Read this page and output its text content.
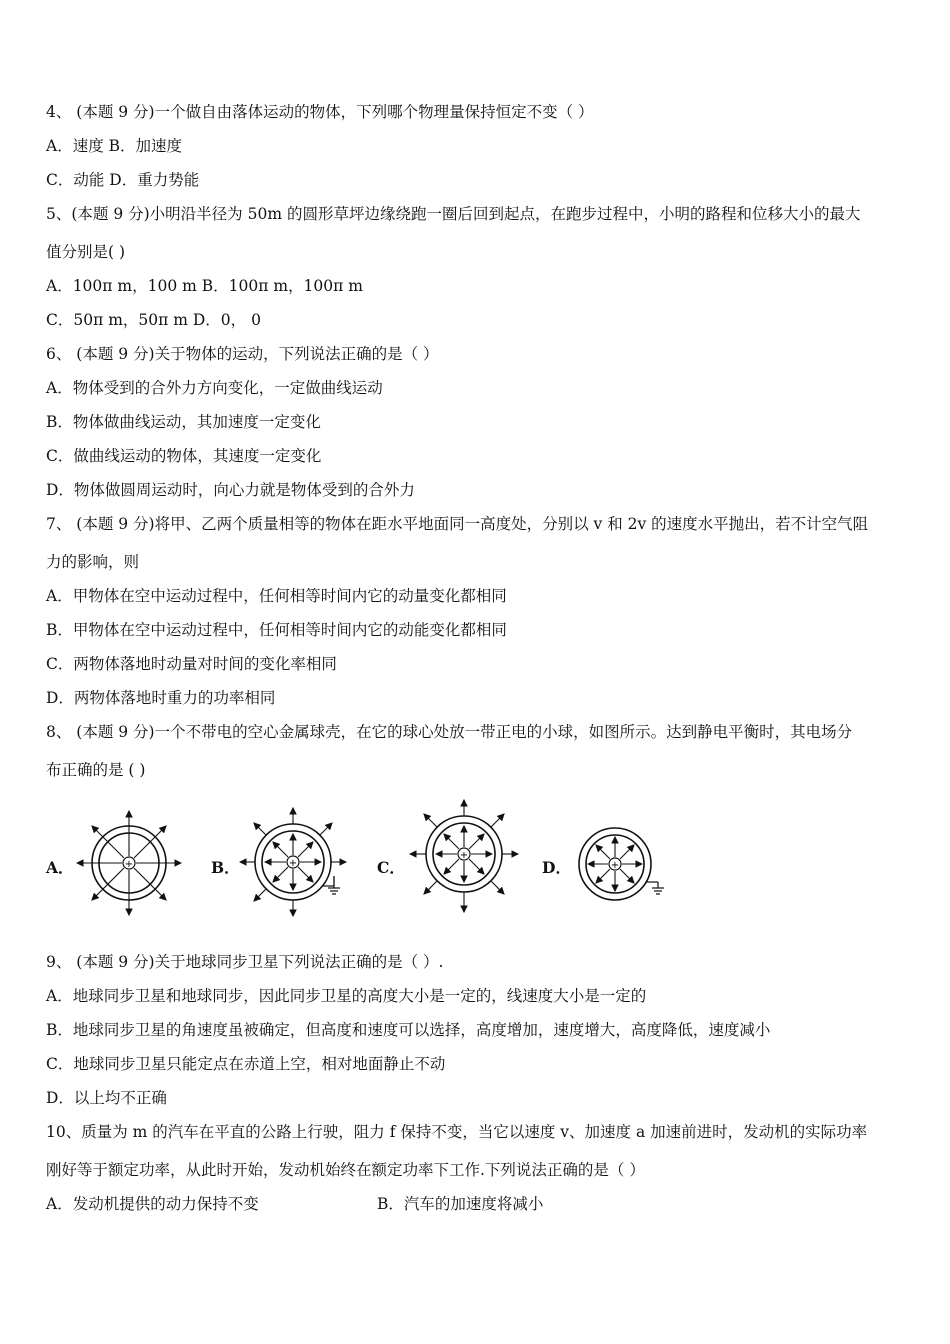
4、 (本题 9 分)一个做自由落体运动的物体，下列哪个物理量保持恒定不变（ ）
A．速度 B．加速度
C．动能 D．重力势能
5、(本题 9 分)小明沿半径为 50m 的圆形草坪边缘绕跑一圈后回到起点，在跑步过程中，小明的路程和位移大小的最大
值分别是( )
A．100π m，100 m B．100π m，100π m
C．50π m，50π m D．0， 0
6、 (本题 9 分)关于物体的运动，下列说法正确的是（ ）
A．物体受到的合外力方向变化，一定做曲线运动
B．物体做曲线运动，其加速度一定变化
C．做曲线运动的物体，其速度一定变化
D．物体做圆周运动时，向心力就是物体受到的合外力
7、 (本题 9 分)将甲、乙两个质量相等的物体在距水平地面同一高度处，分别以 v 和 2v 的速度水平抛出，若不计空气阻
力的影响，则
A．甲物体在空中运动过程中，任何相等时间内它的动量变化都相同
B．甲物体在空中运动过程中，任何相等时间内它的动能变化都相同
C．两物体落地时动量对时间的变化率相同
D．两物体落地时重力的功率相同
8、 (本题 9 分)一个不带电的空心金属球壳，在它的球心处放一带正电的小球，如图所示。达到静电平衡时，其电场分
布正确的是 ( )
A．	B．	C．	D．
+	+
+
+
9、 (本题 9 分)关于地球同步卫星下列说法正确的是（ ）.
A．地球同步卫星和地球同步，因此同步卫星的高度大小是一定的，线速度大小是一定的
B．地球同步卫星的角速度虽被确定，但高度和速度可以选择，高度增加，速度增大，高度降低，速度减小
C．地球同步卫星只能定点在赤道上空，相对地面静止不动
D．以上均不正确
10、质量为 m 的汽车在平直的公路上行驶，阻力 f 保持不变，当它以速度 v、加速度 a 加速前进时，发动机的实际功率
刚好等于额定功率，从此时开始，发动机始终在额定功率下工作.下列说法正确的是（ ）
A．发动机提供的动力保持不变	B．汽车的加速度将减小
